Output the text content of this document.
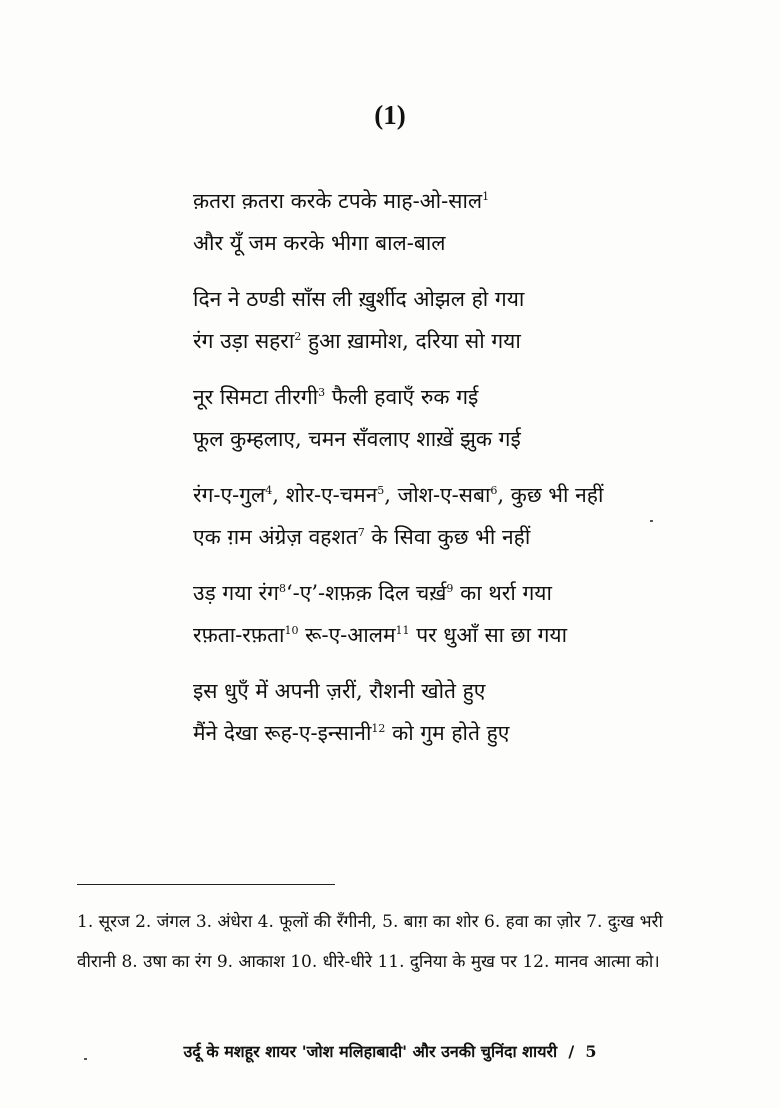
(1)
क़तरा क़तरा करके टपके माह-ओ-साल$^1$
और यूँ जम करके भीगा बाल-बाल
दिन ने ठण्डी साँस ली ख़ुर्शीद ओझल हो गया
रंग उड़ा सहरा$^2$ हुआ ख़ामोश, दरिया सो गया
नूर सिमटा तीरगी$^3$ फैली हवाएँ रुक गई
फूल कुम्हलाए, चमन सँवलाए शाख़ें झुक गई
रंग-ए-गुल$^4$, शोर-ए-चमन$^5$, जोश-ए-सबा$^6$, कुछ भी नहीं
एक ग़म अंग्रेज़ वहशत$^7$ के सिवा कुछ भी नहीं
उड़ गया रंग$^8$‘-ए’-शफ़क़ दिल चर्ख़$^9$ का थर्रा गया
रफ़ता-रफ़ता$^{10}$ रू-ए-आलम$^{11}$ पर धुआँ सा छा गया
इस धुएँ में अपनी ज़रीं, रौशनी खोते हुए
मैंने देखा रूह-ए-इन्सानी$^{12}$ को गुम होते हुए
1. सूरज 2. जंगल 3. अंधेरा 4. फूलों की रँगीनी, 5. बाग़ का शोर 6. हवा का ज़ोर 7. दुःख भरी वीरानी 8. उषा का रंग 9. आकाश 10. धीरे-धीरे 11. दुनिया के मुख पर 12. मानव आत्मा को।
उर्दू के मशहूर शायर 'जोश मलिहाबादी' और उनकी चुनिंदा शायरी / 5
